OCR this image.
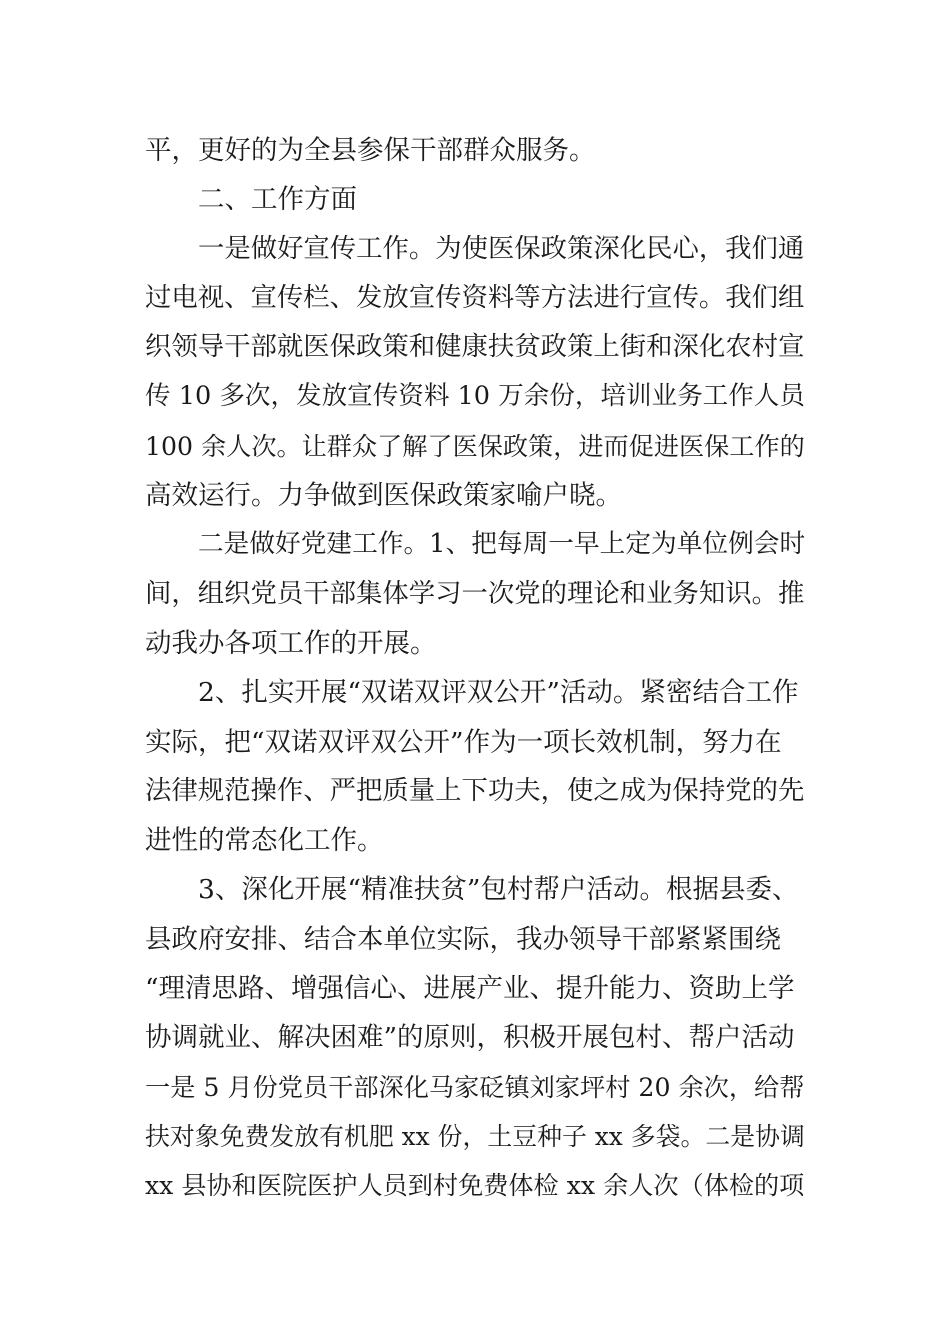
平，更好的为全县参保干部群众服务。
二、工作方面
一是做好宣传工作。为使医保政策深化民心，我们通
过电视、宣传栏、发放宣传资料等方法进行宣传。我们组
织领导干部就医保政策和健康扶贫政策上街和深化农村宣
传 10 多次，发放宣传资料 10 万余份，培训业务工作人员
100 余人次。让群众了解了医保政策，进而促进医保工作的
高效运行。力争做到医保政策家喻户晓。
二是做好党建工作。1、把每周一早上定为单位例会时
间，组织党员干部集体学习一次党的理论和业务知识。推
动我办各项工作的开展。
2、扎实开展“双诺双评双公开”活动。紧密结合工作
实际，把“双诺双评双公开”作为一项长效机制，努力在
法律规范操作、严把质量上下功夫，使之成为保持党的先
进性的常态化工作。
3、深化开展“精准扶贫”包村帮户活动。根据县委、
县政府安排、结合本单位实际，我办领导干部紧紧围绕
“理清思路、增强信心、进展产业、提升能力、资助上学
协调就业、解决困难”的原则，积极开展包村、帮户活动
一是 5 月份党员干部深化马家砭镇刘家坪村 20 余次，给帮
扶对象免费发放有机肥 xx 份，土豆种子 xx 多袋。二是协调
xx 县协和医院医护人员到村免费体检 xx 余人次（体检的项
